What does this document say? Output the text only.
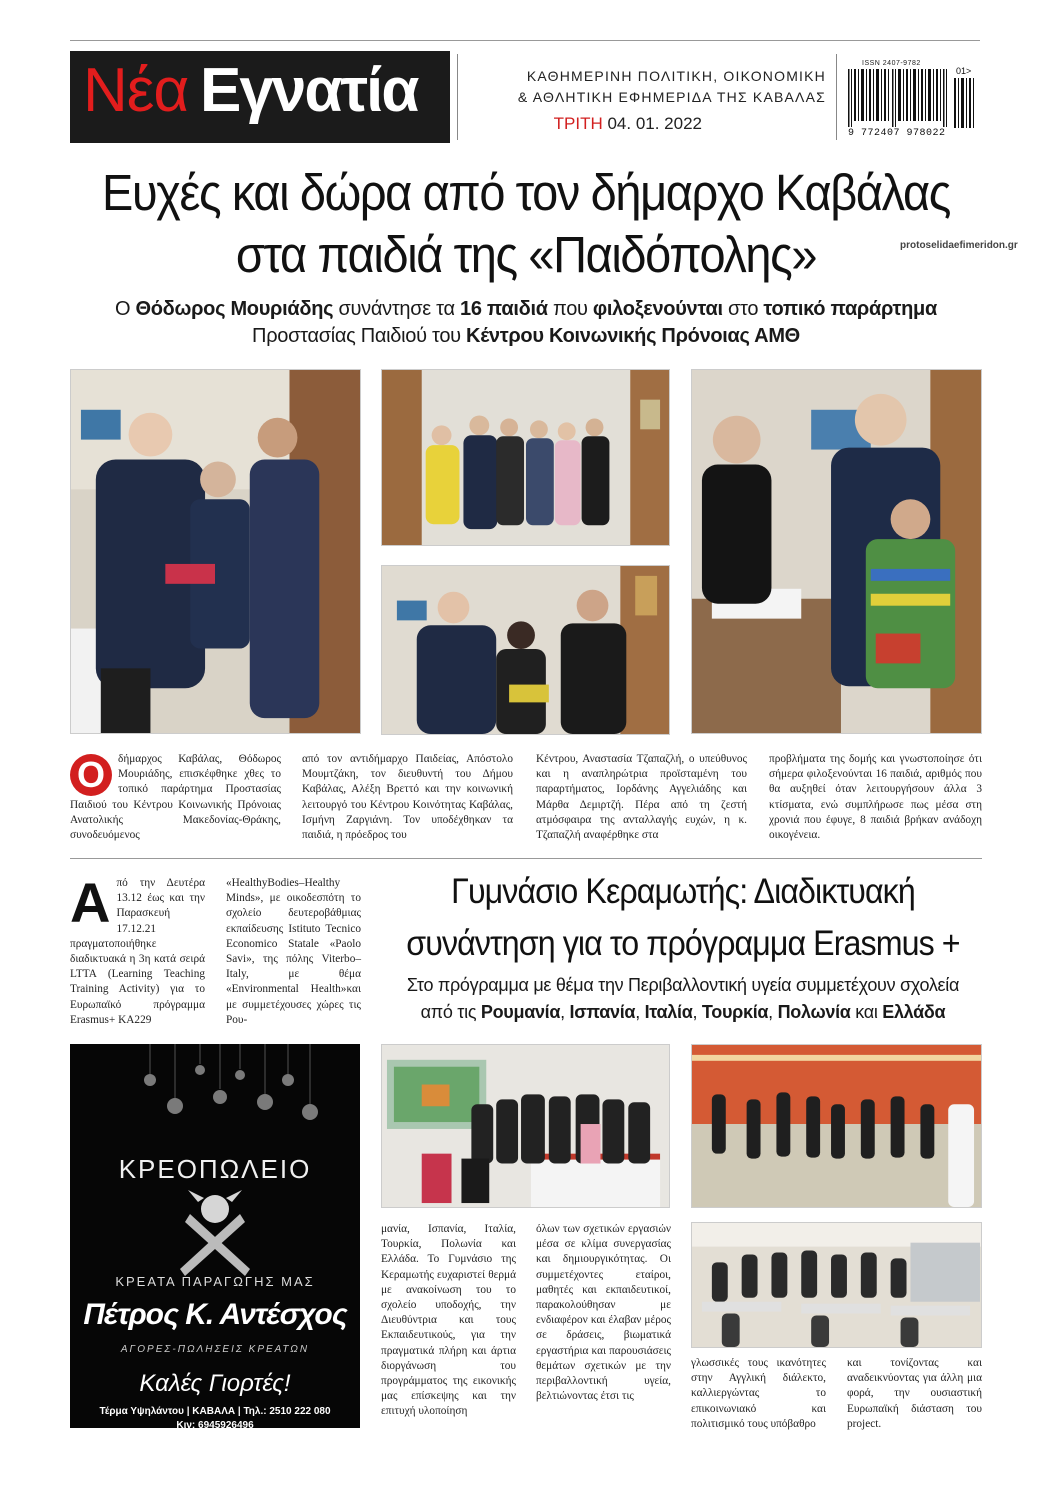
Νέα Εγνατία	ΚΑΘΗΜΕΡΙΝΗ ΠΟΛΙΤΙΚΗ, ΟΙΚΟΝΟΜΙΚΗ
& ΑΘΛΗΤΙΚΗ ΕΦΗΜΕΡΙΔΑ ΤΗΣ ΚΑΒΑΛΑΣ
ΤΡΙΤΗ 04. 01. 2022
ISSN 2407-9782
9 772407 978022
01>
Ευχές και δώρα από τον δήμαρχο Καβάλας
στα παιδιά της «Παιδόπολης»	protoselidaefimeridon.gr
Ο Θόδωρος Μουριάδης συνάντησε τα 16 παιδιά που φιλοξενούνται στο τοπικό παράρτημα Προστασίας Παιδιού του Κέντρου Κοινωνικής Πρόνοιας ΑΜΘ
Ο	δήμαρχος Καβάλας, Θόδωρος Μουριάδης, επισκέφθηκε χθες το τοπικό παράρτημα Προστασίας Παιδιού του Κέντρου Κοινωνικής Πρόνοιας Ανατολικής Μακεδονίας-Θράκης, συνοδευόμενος
από τον αντιδήμαρχο Παιδείας, Απόστολο Μουμτζάκη, τον διευθυντή του Δήμου Καβάλας, Αλέξη Βρεττό και την κοινωνική λειτουργό του Κέντρου Κοινότητας Καβάλας, Ισμήνη Ζαργιάνη. Τον υποδέχθηκαν τα παιδιά, η πρόεδρος του
Κέντρου, Αναστασία Τζαπαζλή, ο υπεύθυνος και η αναπληρώτρια προϊσταμένη του παραρτήματος, Ιορδάνης Αγγελιάδης και Μάρθα Δεμιρτζή. Πέρα από τη ζεστή ατμόσφαιρα της ανταλλαγής ευχών, η κ. Τζαπαζλή αναφέρθηκε στα
προβλήματα της δομής και γνωστοποίησε ότι σήμερα φιλοξενούνται 16 παιδιά, αριθμός που θα αυξηθεί όταν λειτουργήσουν άλλα 3 κτίσματα, ενώ συμπλήρωσε πως μέσα στη χρονιά που έφυγε, 8 παιδιά βρήκαν ανάδοχη οικογένεια.
Από την Δευτέρα 13.12 έως και την Παρασκευή 17.12.21 πραγματοποιήθηκε διαδικτυακά η 3η κατά σειρά LTTA (Learning Teaching Training Activity) για το Ευρωπαϊκό πρόγραμμα Erasmus+ KA229
«HealthyBodies–Healthy Minds», με οικοδεσπότη το σχολείο δευτεροβάθμιας εκπαίδευσης Istituto Tecnico Economico Statale «Paolo Savi», της πόλης Viterbo–Italy, με θέμα «Environmental Health»και με συμμετέχουσες χώρες τις Ρου-
Γυμνάσιο Κεραμωτής: Διαδικτυακή
συνάντηση για το πρόγραμμα Erasmus +
Στο πρόγραμμα με θέμα την Περιβαλλοντική υγεία συμμετέχουν σχολεία
από τις Ρουμανία, Ισπανία, Ιταλία, Τουρκία, Πολωνία και Ελλάδα
μανία, Ισπανία, Ιταλία, Τουρκία, Πολωνία και Ελλάδα. Το Γυμνάσιο της Κεραμωτής ευχαριστεί θερμά με ανακοίνωση του το σχολείο υποδοχής, την Διευθύντρια και τους Εκπαιδευτικούς, για την πραγματικά πλήρη και άρτια διοργάνωση του προγράμματος της εικονικής μας επίσκεψης και την επιτυχή υλοποίηση
όλων των σχετικών εργασιών μέσα σε κλίμα συνεργασίας και δημιουργικότητας. Οι συμμετέχοντες εταίροι, μαθητές και εκπαιδευτικοί, παρακολούθησαν με ενδιαφέρον και έλαβαν μέρος σε δράσεις, βιωματικά εργαστήρια και παρουσιάσεις θεμάτων σχετικών με την περιβαλλοντική υγεία, βελτιώνοντας έτσι τις
γλωσσικές τους ικανότητες στην Αγγλική διάλεκτο, καλλιεργώντας το επικοινωνιακό και πολιτισμικό τους υπόβαθρο
και τονίζοντας και αναδεικνύοντας για άλλη μια φορά, την ουσιαστική Ευρωπαϊκή διάσταση του project.
ΚΡΕΟΠΩΛΕΙΟ
ΚΡΕΑΤΑ ΠΑΡΑΓΩΓΗΣ ΜΑΣ
Πέτρος Κ. Αντέσχος
ΑΓΟΡΕΣ-ΠΩΛΗΣΕΙΣ ΚΡΕΑΤΩΝ
Καλές Γιορτές!
Τέρμα Υψηλάντου | ΚΑΒΑΛΑ | Τηλ.: 2510 222 080
Κιν: 6945926496
